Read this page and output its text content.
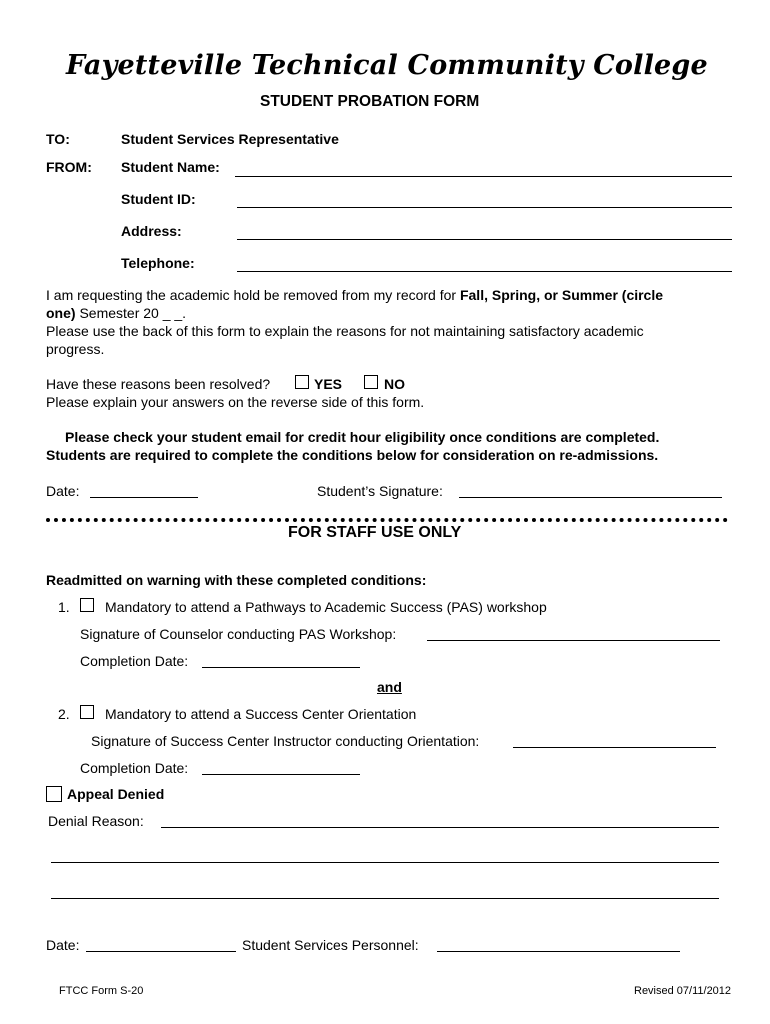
Fayetteville Technical Community College
STUDENT PROBATION FORM
TO:	Student Services Representative
FROM: Student Name:
Student ID:
Address:
Telephone:
I am requesting the academic hold be removed from my record for Fall, Spring, or Summer (circle
one) Semester 20 _ _.
Please use the back of this form to explain the reasons for not maintaining satisfactory academic
progress.
Have these reasons been resolved?	YES	NO
Please explain your answers on the reverse side of this form.
Please check your student email for credit hour eligibility once conditions are completed.
Students are required to complete the conditions below for consideration on re-admissions.
Date:	Student’s Signature:
FOR STAFF USE ONLY
Readmitted on warning with these completed conditions:
1.	Mandatory to attend a Pathways to Academic Success (PAS) workshop
Signature of Counselor conducting PAS Workshop:
Completion Date:
and
2.	Mandatory to attend a Success Center Orientation
Signature of Success Center Instructor conducting Orientation:
Completion Date:
Appeal Denied
Denial Reason:
Date:	Student Services Personnel:
FTCC Form S-20	Revised 07/11/2012
